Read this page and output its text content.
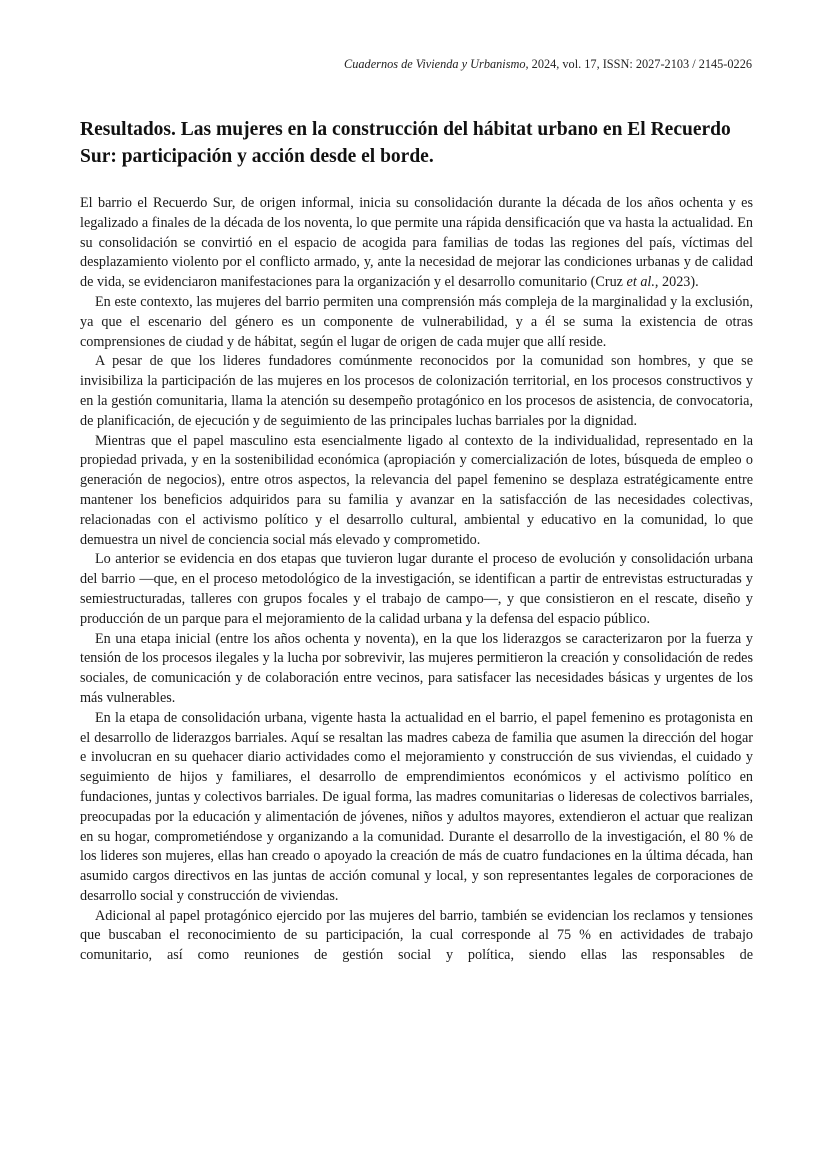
Cuadernos de Vivienda y Urbanismo, 2024, vol. 17, ISSN: 2027-2103 / 2145-0226
Resultados. Las mujeres en la construcción del hábitat urbano en El Recuerdo Sur: participación y acción desde el borde.

El barrio el Recuerdo Sur, de origen informal, inicia su consolidación durante la década de los años ochenta y es legalizado a finales de la década de los noventa, lo que permite una rápida densificación que va hasta la actualidad. En su consolidación se convirtió en el espacio de acogida para familias de todas las regiones del país, víctimas del desplazamiento violento por el conflicto armado, y, ante la necesidad de mejorar las condiciones urbanas y de calidad de vida, se evidenciaron manifestaciones para la organización y el desarrollo comunitario (Cruz et al., 2023).

En este contexto, las mujeres del barrio permiten una comprensión más compleja de la marginalidad y la exclusión, ya que el escenario del género es un componente de vulnerabilidad, y a él se suma la existencia de otras comprensiones de ciudad y de hábitat, según el lugar de origen de cada mujer que allí reside.

A pesar de que los lideres fundadores comúnmente reconocidos por la comunidad son hombres, y que se invisibiliza la participación de las mujeres en los procesos de colonización territorial, en los procesos constructivos y en la gestión comunitaria, llama la atención su desempeño protagónico en los procesos de asistencia, de convocatoria, de planificación, de ejecución y de seguimiento de las principales luchas barriales por la dignidad.

Mientras que el papel masculino esta esencialmente ligado al contexto de la individualidad, representado en la propiedad privada, y en la sostenibilidad económica (apropiación y comercialización de lotes, búsqueda de empleo o generación de negocios), entre otros aspectos, la relevancia del papel femenino se desplaza estratégicamente entre mantener los beneficios adquiridos para su familia y avanzar en la satisfacción de las necesidades colectivas, relacionadas con el activismo político y el desarrollo cultural, ambiental y educativo en la comunidad, lo que demuestra un nivel de conciencia social más elevado y comprometido.

Lo anterior se evidencia en dos etapas que tuvieron lugar durante el proceso de evolución y consolidación urbana del barrio —que, en el proceso metodológico de la investigación, se identifican a partir de entrevistas estructuradas y semiestructuradas, talleres con grupos focales y el trabajo de campo—, y que consistieron en el rescate, diseño y producción de un parque para el mejoramiento de la calidad urbana y la defensa del espacio público.

En una etapa inicial (entre los años ochenta y noventa), en la que los liderazgos se caracterizaron por la fuerza y tensión de los procesos ilegales y la lucha por sobrevivir, las mujeres permitieron la creación y consolidación de redes sociales, de comunicación y de colaboración entre vecinos, para satisfacer las necesidades básicas y urgentes de los más vulnerables.

En la etapa de consolidación urbana, vigente hasta la actualidad en el barrio, el papel femenino es protagonista en el desarrollo de liderazgos barriales. Aquí se resaltan las madres cabeza de familia que asumen la dirección del hogar e involucran en su quehacer diario actividades como el mejoramiento y construcción de sus viviendas, el cuidado y seguimiento de hijos y familiares, el desarrollo de emprendimientos económicos y el activismo político en fundaciones, juntas y colectivos barriales. De igual forma, las madres comunitarias o lideresas de colectivos barriales, preocupadas por la educación y alimentación de jóvenes, niños y adultos mayores, extendieron el actuar que realizan en su hogar, comprometiéndose y organizando a la comunidad. Durante el desarrollo de la investigación, el 80 % de los lideres son mujeres, ellas han creado o apoyado la creación de más de cuatro fundaciones en la última década, han asumido cargos directivos en las juntas de acción comunal y local, y son representantes legales de corporaciones de desarrollo social y construcción de viviendas.

Adicional al papel protagónico ejercido por las mujeres del barrio, también se evidencian los reclamos y tensiones que buscaban el reconocimiento de su participación, la cual corresponde al 75 % en actividades de trabajo comunitario, así como reuniones de gestión social y política, siendo ellas las responsables de
